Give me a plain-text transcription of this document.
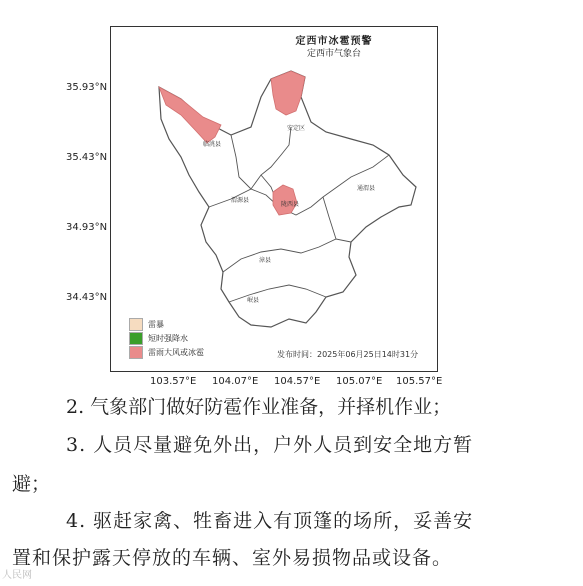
定西市冰雹预警
定西市气象台
临洮县
安定区
渭源县
陇西县
通渭县
漳县
岷县
雷暴
短时强降水
雷雨大风或冰雹	发布时间：2025年06月25日14时31分
35.93°N
35.43°N
34.93°N
34.43°N
103.57°E 104.07°E 104.57°E 105.07°E 105.57°E
2. 气象部门做好防雹作业准备，并择机作业；
3. 人员尽量避免外出，户外人员到安全地方暂
避；
4. 驱赶家禽、牲畜进入有顶篷的场所，妥善安
置和保护露天停放的车辆、室外易损物品或设备。
人民网
